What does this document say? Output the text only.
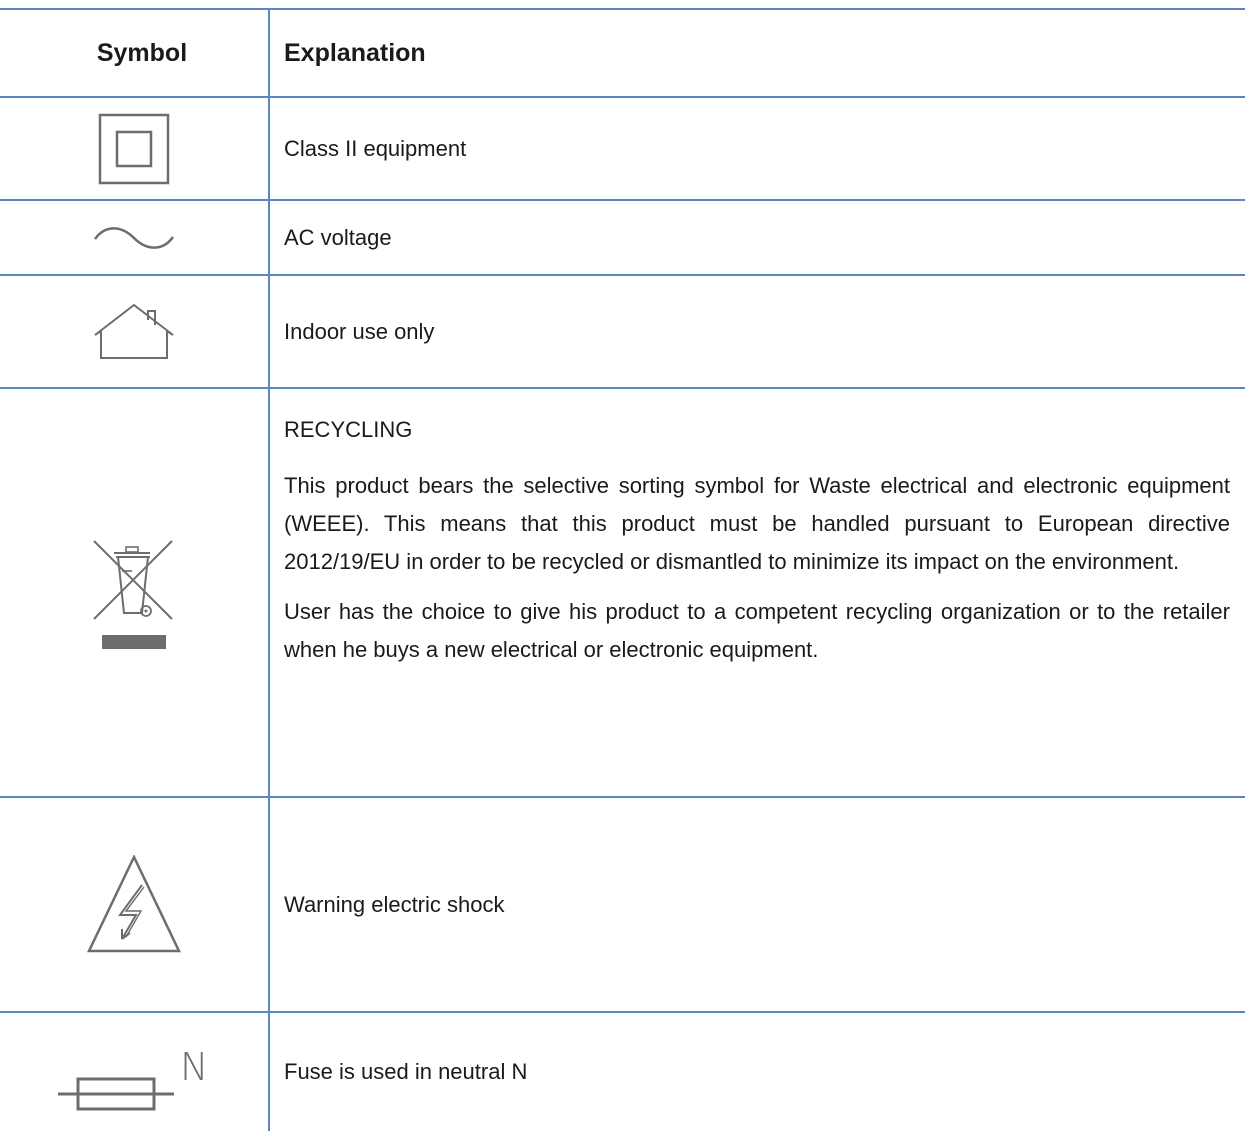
Symbol	Explanation

Class II equipment

AC voltage

Indoor use only

RECYCLING

This product bears the selective sorting symbol for Waste electrical and electronic equipment (WEEE). This means that this product must be handled pursuant to European directive 2012/19/EU in order to be recycled or dismantled to minimize its impact on the environment.

User has the choice to give his product to a competent recycling organization or to the retailer when he buys a new electrical or electronic equipment.

Warning electric shock

N	Fuse is used in neutral N
